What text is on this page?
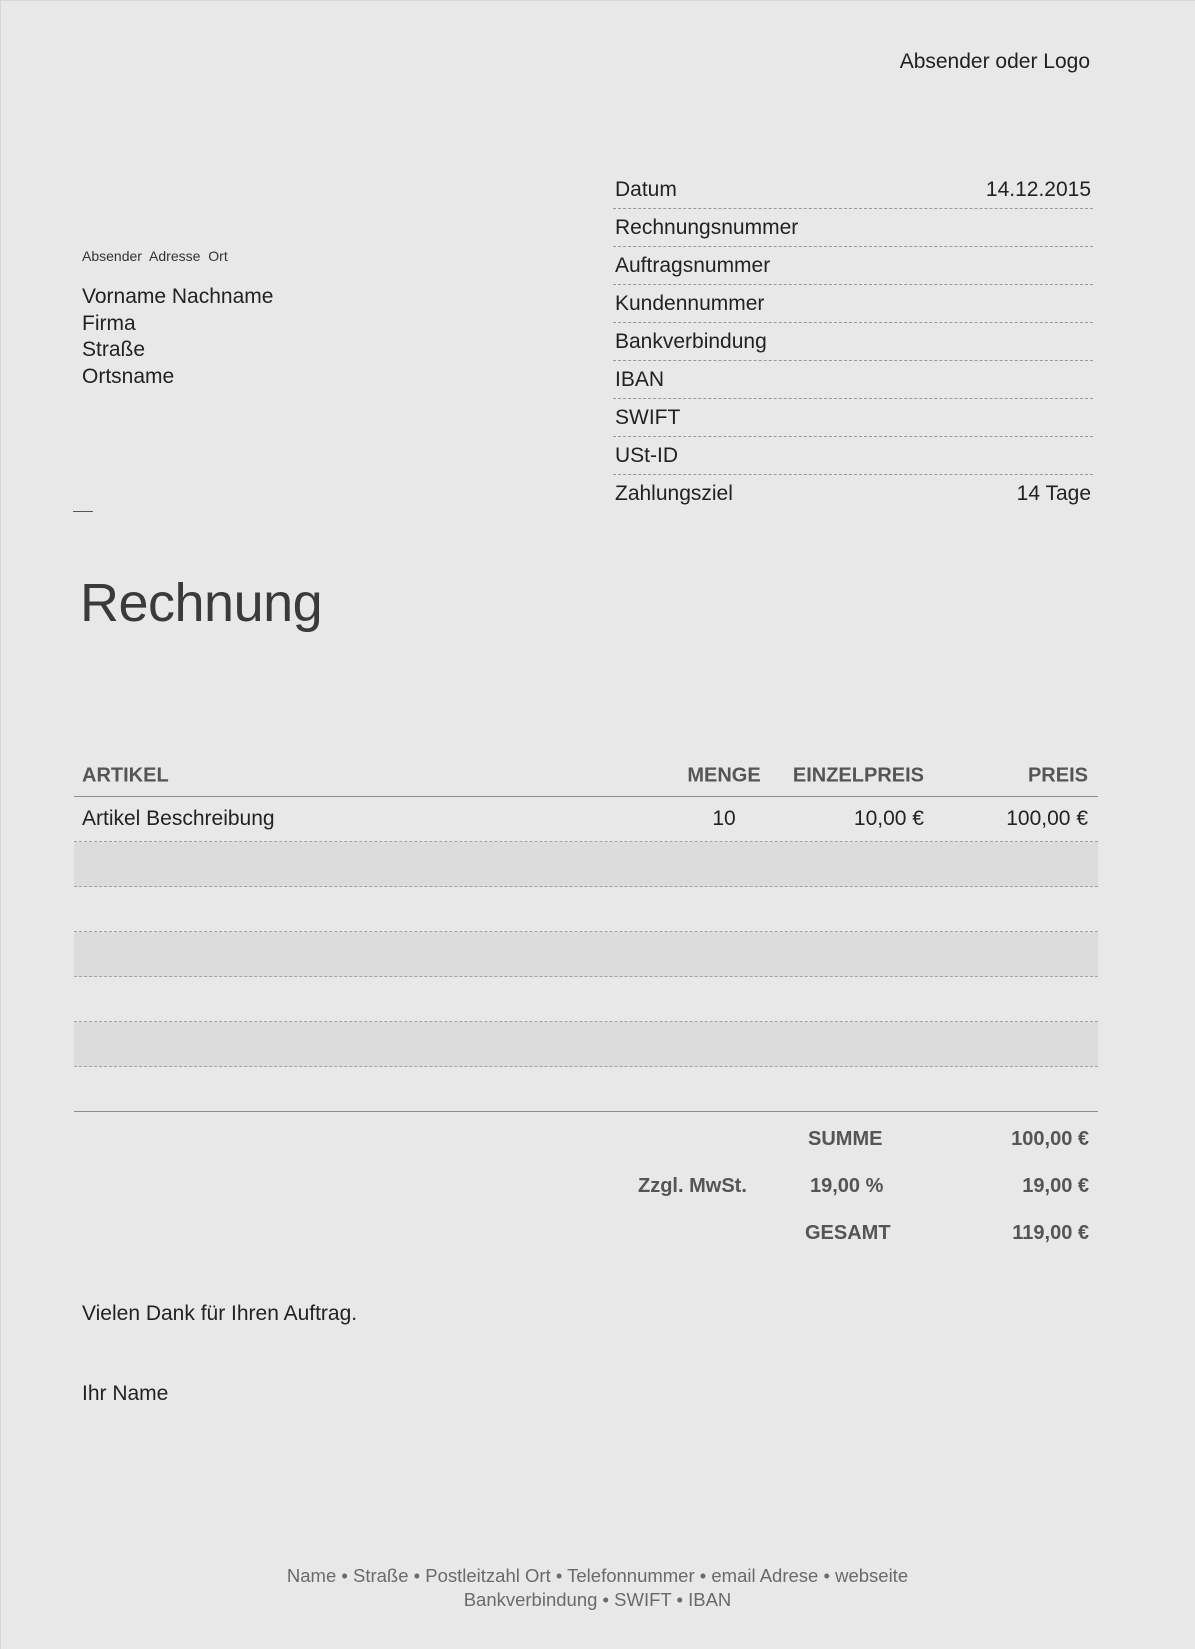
Absender oder Logo
Absender Adresse Ort
Vorname Nachname
Firma
Straße
Ortsname
Datum	14.12.2015
Rechnungsnummer
Auftragsnummer
Kundennummer
Bankverbindung
IBAN
SWIFT
USt-ID
Zahlungsziel	14 Tage
Rechnung
ARTIKEL	MENGE	EINZELPREIS	PREIS
Artikel Beschreibung	10	10,00 €	100,00 €
SUMME	100,00 €
Zzgl. MwSt.	19,00 %	19,00 €
GESAMT	119,00 €
Vielen Dank für Ihren Auftrag.
Ihr Name
Name • Straße • Postleitzahl Ort • Telefonnummer • email Adrese • webseite
Bankverbindung • SWIFT • IBAN
